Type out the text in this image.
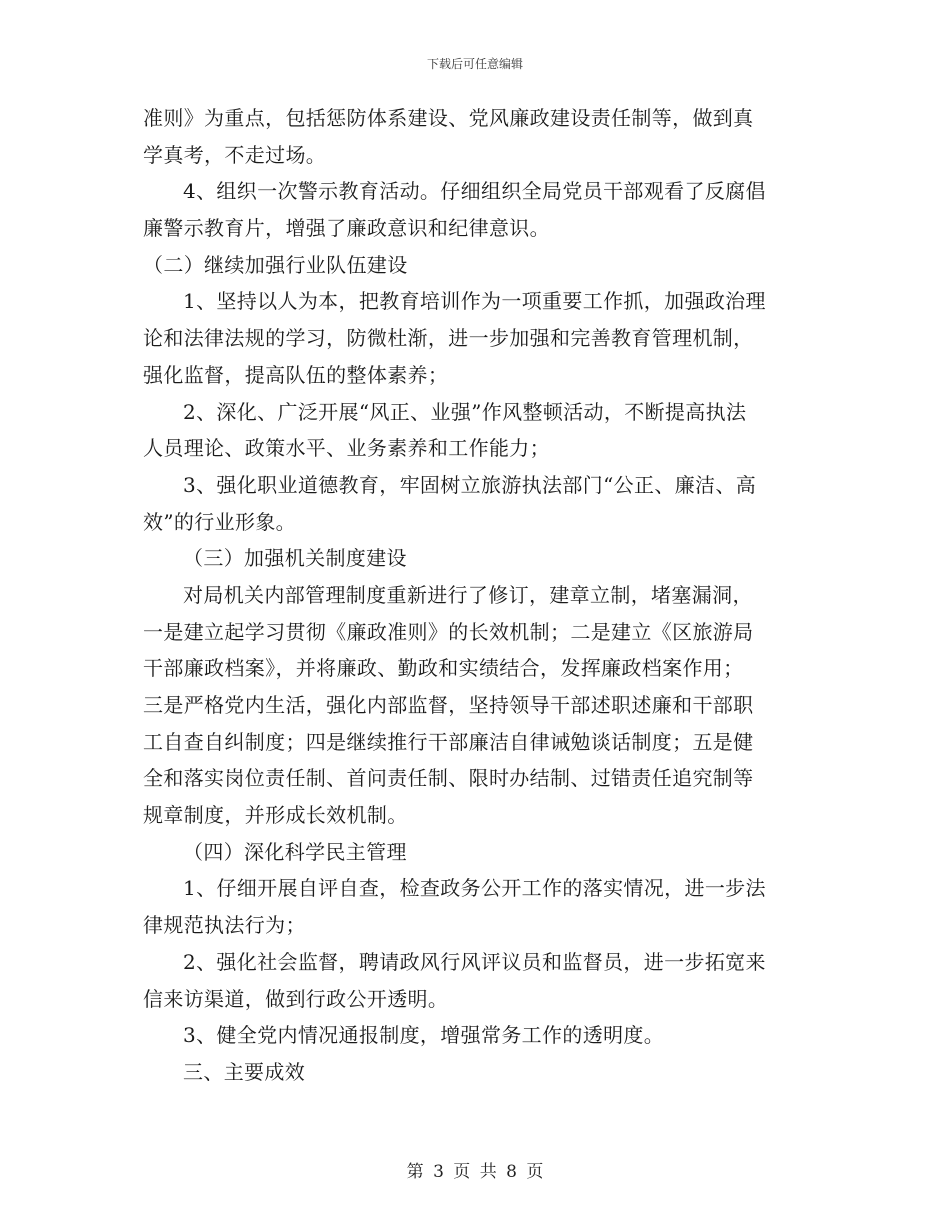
下载后可任意编辑
准则》为重点，包括惩防体系建设、党风廉政建设责任制等，做到真
学真考，不走过场。
4、组织一次警示教育活动。仔细组织全局党员干部观看了反腐倡
廉警示教育片，增强了廉政意识和纪律意识。
（二）继续加强行业队伍建设
1、坚持以人为本，把教育培训作为一项重要工作抓，加强政治理
论和法律法规的学习，防微杜渐，进一步加强和完善教育管理机制，
强化监督，提高队伍的整体素养；
2、深化、广泛开展“风正、业强”作风整顿活动，不断提高执法
人员理论、政策水平、业务素养和工作能力；
3、强化职业道德教育，牢固树立旅游执法部门“公正、廉洁、高
效”的行业形象。
（三）加强机关制度建设
对局机关内部管理制度重新进行了修订，建章立制，堵塞漏洞，
一是建立起学习贯彻《廉政准则》的长效机制；二是建立《区旅游局
干部廉政档案》，并将廉政、勤政和实绩结合，发挥廉政档案作用；
三是严格党内生活，强化内部监督，坚持领导干部述职述廉和干部职
工自查自纠制度；四是继续推行干部廉洁自律诫勉谈话制度；五是健
全和落实岗位责任制、首问责任制、限时办结制、过错责任追究制等
规章制度，并形成长效机制。
（四）深化科学民主管理
1、仔细开展自评自查，检查政务公开工作的落实情况，进一步法
律规范执法行为；
2、强化社会监督，聘请政风行风评议员和监督员，进一步拓宽来
信来访渠道，做到行政公开透明。
3、健全党内情况通报制度，增强常务工作的透明度。
三、主要成效
第 3 页 共 8 页
